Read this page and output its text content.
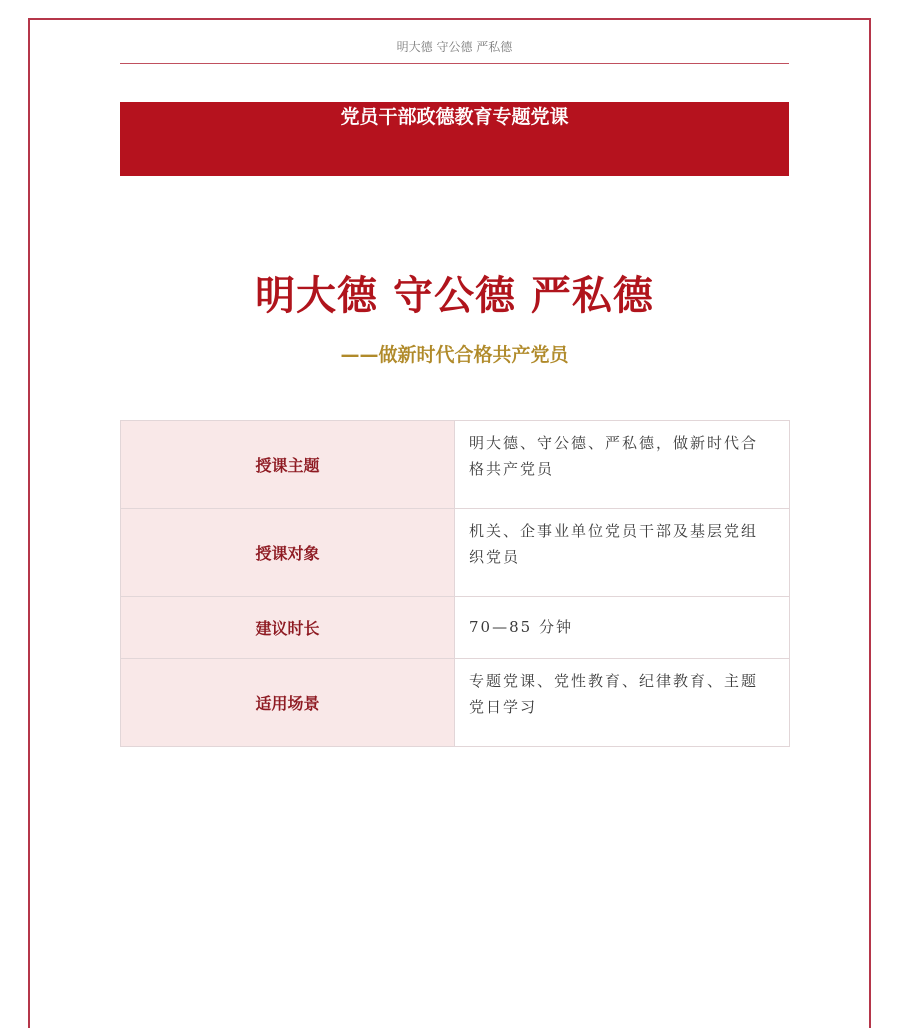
明大德 守公德 严私德
党员干部政德教育专题党课
明大德 守公德 严私德
——做新时代合格共产党员
授课主题	明大德、守公德、严私德，做新时代合格共产党员
授课对象	机关、企事业单位党员干部及基层党组织党员
建议时长	70—85 分钟
适用场景	专题党课、党性教育、纪律教育、主题党日学习
